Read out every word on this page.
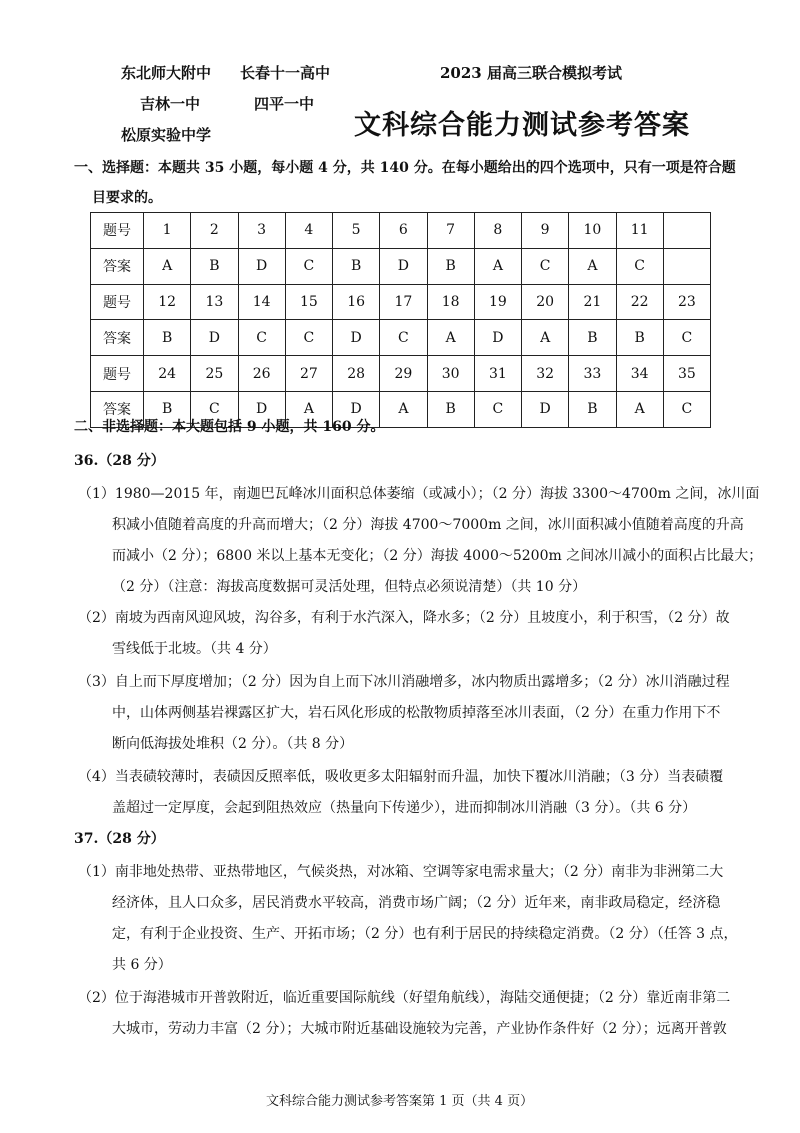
东北师大附中 长春十一高中
吉林一中	四平一中
松原实验中学
2023 届高三联合模拟考试
文科综合能力测试参考答案
一、选择题：本题共 35 小题，每小题 4 分，共 140 分。在每小题给出的四个选项中，只有一项是符合题
目要求的。
题号	1	2	3	4	5	6	7	8	9	10	11	
答案	A	B	D	C	B	D	B	A	C	A	C	
题号	12	13	14	15	16	17	18	19	20	21	22	23
答案	B	D	C	C	D	C	A	D	A	B	B	C
题号	24	25	26	27	28	29	30	31	32	33	34	35
答案	B	C	D	A	D	A	B	C	D	B	A	C
二、非选择题：本大题包括 9 小题，共 160 分。
36.（28 分）
（1）1980—2015 年，南迦巴瓦峰冰川面积总体萎缩（或减小）；（2 分）海拔 3300～4700m 之间，冰川面
积减小值随着高度的升高而增大；（2 分）海拔 4700～7000m 之间，冰川面积减小值随着高度的升高
而减小（2 分）；6800 米以上基本无变化；（2 分）海拔 4000～5200m 之间冰川减小的面积占比最大；
（2 分）（注意：海拔高度数据可灵活处理，但特点必须说清楚）（共 10 分）
（2）南坡为西南风迎风坡，沟谷多，有利于水汽深入，降水多；（2 分）且坡度小，利于积雪，（2 分）故
雪线低于北坡。（共 4 分）
（3）自上而下厚度增加；（2 分）因为自上而下冰川消融增多，冰内物质出露增多；（2 分）冰川消融过程
中，山体两侧基岩裸露区扩大，岩石风化形成的松散物质掉落至冰川表面，（2 分）在重力作用下不
断向低海拔处堆积（2 分）。（共 8 分）
（4）当表碛较薄时，表碛因反照率低，吸收更多太阳辐射而升温，加快下覆冰川消融；（3 分）当表碛覆
盖超过一定厚度，会起到阻热效应（热量向下传递少），进而抑制冰川消融（3 分）。（共 6 分）
37.（28 分）
（1）南非地处热带、亚热带地区，气候炎热，对冰箱、空调等家电需求量大；（2 分）南非为非洲第二大
经济体，且人口众多，居民消费水平较高，消费市场广阔；（2 分）近年来，南非政局稳定，经济稳
定，有利于企业投资、生产、开拓市场；（2 分）也有利于居民的持续稳定消费。（2 分）（任答 3 点，
共 6 分）
（2）位于海港城市开普敦附近，临近重要国际航线（好望角航线），海陆交通便捷；（2 分）靠近南非第二
大城市，劳动力丰富（2 分）；大城市附近基础设施较为完善，产业协作条件好（2 分）；远离开普敦
文科综合能力测试参考答案第 1 页（共 4 页）
